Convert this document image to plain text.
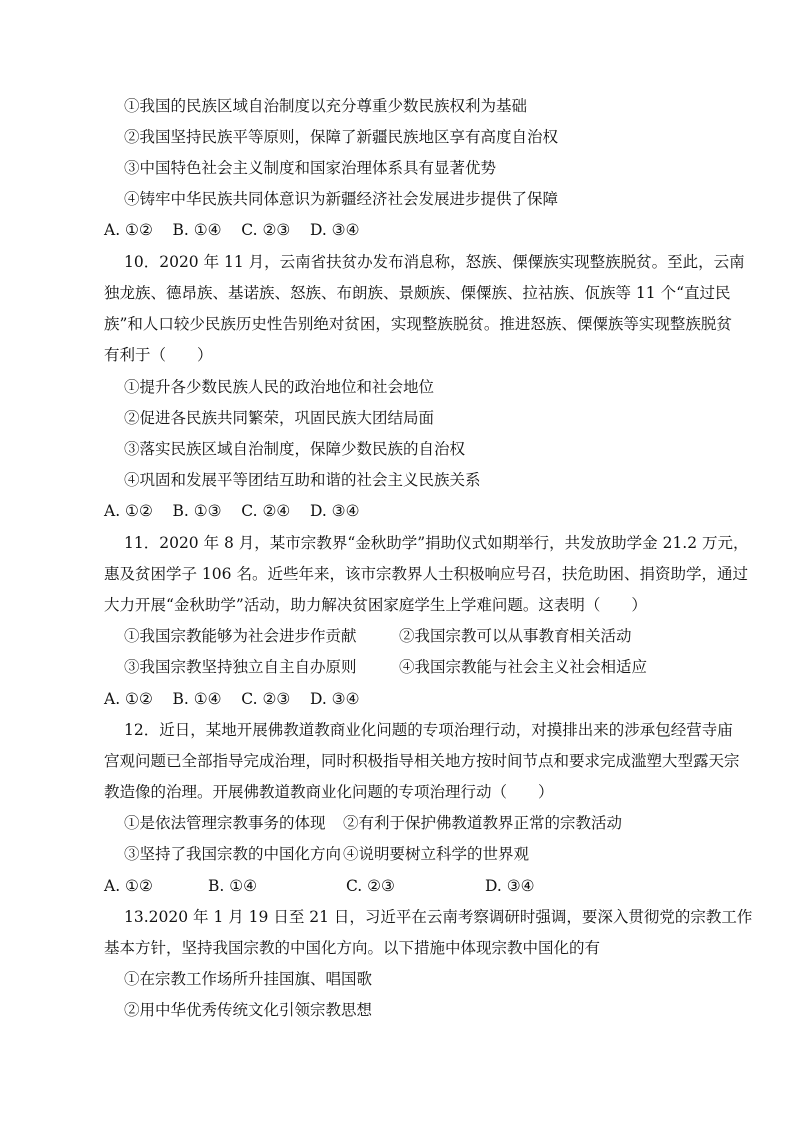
①我国的民族区域自治制度以充分尊重少数民族权利为基础
②我国坚持民族平等原则，保障了新疆民族地区享有高度自治权
③中国特色社会主义制度和国家治理体系具有显著优势
④铸牢中华民族共同体意识为新疆经济社会发展进步提供了保障
A. ①②    B. ①④    C. ②③    D. ③④
10．2020 年 11 月，云南省扶贫办发布消息称，怒族、傈僳族实现整族脱贫。至此，云南
独龙族、德昂族、基诺族、怒族、布朗族、景颇族、傈僳族、拉祜族、佤族等 11 个“直过民
族”和人口较少民族历史性告别绝对贫困，实现整族脱贫。推进怒族、傈僳族等实现整族脱贫
有利于（　　）
①提升各少数民族人民的政治地位和社会地位
②促进各民族共同繁荣，巩固民族大团结局面
③落实民族区域自治制度，保障少数民族的自治权
④巩固和发展平等团结互助和谐的社会主义民族关系
A. ①②    B. ①③    C. ②④    D. ③④
11．2020 年 8 月，某市宗教界“金秋助学”捐助仪式如期举行，共发放助学金 21.2 万元，
惠及贫困学子 106 名。近些年来，该市宗教界人士积极响应号召，扶危助困、捐资助学，通过
大力开展“金秋助学”活动，助力解决贫困家庭学生上学难问题。这表明（　　）
①我国宗教能够为社会进步作贡献	②我国宗教可以从事教育相关活动
③我国宗教坚持独立自主自办原则	④我国宗教能与社会主义社会相适应
A. ①②    B. ①④    C. ②③    D. ③④
12．近日，某地开展佛教道教商业化问题的专项治理行动，对摸排出来的涉承包经营寺庙
宫观问题已全部指导完成治理，同时积极指导相关地方按时间节点和要求完成滥塑大型露天宗
教造像的治理。开展佛教道教商业化问题的专项治理行动（　　）
①是依法管理宗教事务的体现 ②有利于保护佛教道教界正常的宗教活动
③坚持了我国宗教的中国化方向 ④说明要树立科学的世界观
A. ①②	B. ①④	C. ②③	D. ③④
13.2020 年 1 月 19 日至 21 日，习近平在云南考察调研时强调，要深入贯彻党的宗教工作
基本方针，坚持我国宗教的中国化方向。以下措施中体现宗教中国化的有
①在宗教工作场所升挂国旗、唱国歌
②用中华优秀传统文化引领宗教思想
